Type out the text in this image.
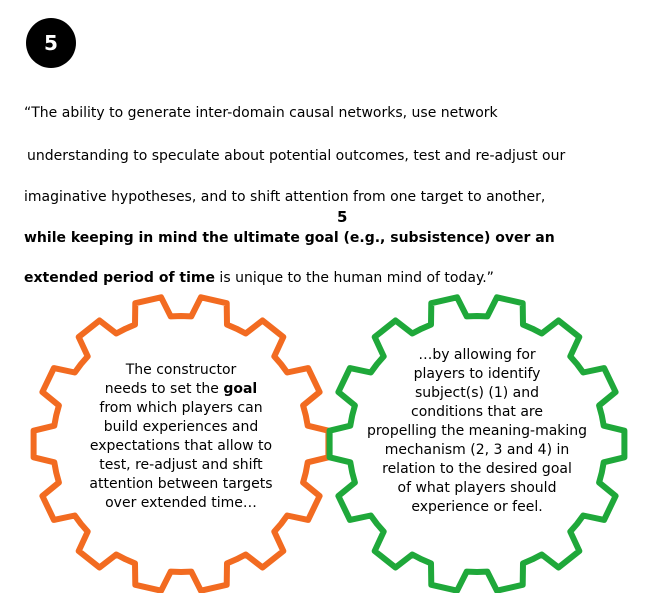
5
“The ability to generate inter-domain causal networks, use network
understanding to speculate about potential outcomes, test and re-adjust our
imaginative hypotheses, and to shift attention from one target to another,
while keeping in mind the ultimate goal (e.g., subsistence) over an
extended period of time is unique to the human mind of today.”
5
The constructor
needs to set the goal
from which players can
build experiences and
expectations that allow to
test, re-adjust and shift
attention between targets
over extended time…
…by allowing for
players to identify
subject(s) (1) and
conditions that are
propelling the meaning-making
mechanism (2, 3 and 4) in
relation to the desired goal
of what players should
experience or feel.
